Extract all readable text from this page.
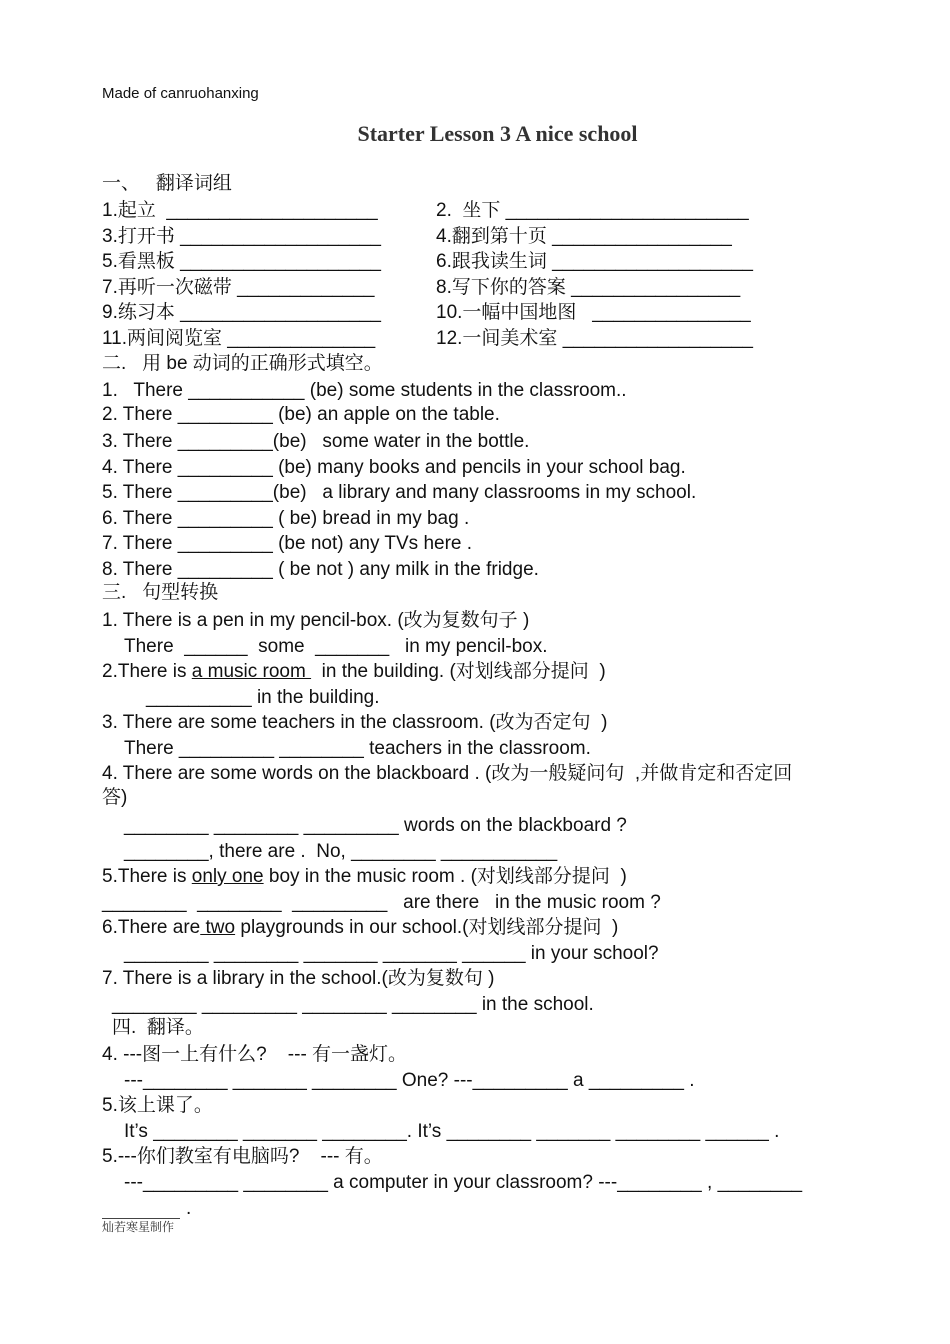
Made of canruohanxing
Starter Lesson 3 A nice school
一、   翻译词组
1.起立  ____________________	2.  坐下 _______________________
3.打开书 ___________________	4.翻到第十页 _________________
5.看黑板 ___________________	6.跟我读生词 ___________________
7.再听一次磁带 _____________	8.写下你的答案 ________________
9.练习本 ___________________	10.一幅中国地图   _______________
11.两间阅览室 ______________	12.一间美术室 __________________
二.   用 be 动词的正确形式填空。
1.   There ___________ (be) some students in the classroom..
2. There _________ (be) an apple on the table.
3. There _________(be)   some water in the bottle.
4. There _________ (be) many books and pencils in your school bag.
5. There _________(be)   a library and many classrooms in my school.
6. There _________ ( be) bread in my bag .
7. There _________ (be not) any TVs here .
8. There _________ ( be not ) any milk in the fridge.
三.   句型转换
1. There is a pen in my pencil-box. (改为复数句子 )
There  ______  some  _______   in my pencil-box.
2.There is a music room   in the building. (对划线部分提问  )
__________ in the building.
3. There are some teachers in the classroom. (改为否定句  )
There _________ ________ teachers in the classroom.
4. There are some words on the blackboard . (改为一般疑问句  ,并做肯定和否定回
答)
________ ________ _________ words on the blackboard ?
________, there are .  No, ________ ___________
5.There is only one boy in the music room . (对划线部分提问  )
________  ________  _________   are there   in the music room ?
6.There are two playgrounds in our school.(对划线部分提问  )
________ ________ _______ _______ ______ in your school?
7. There is a library in the school.(改为复数句 )
________ _________ ________ ________ in the school.
四.  翻译。
4. ---图一上有什么?    --- 有一盏灯。
---________ _______ ________ One? ---_________ a _________ .
5.该上课了。
It’s ________ _______ ________. It’s ________ _______ ________ ______ .
5.---你们教室有电脑吗?    --- 有。
---_________ ________ a computer in your classroom? ---________ , ________
.
灿若寒星制作
